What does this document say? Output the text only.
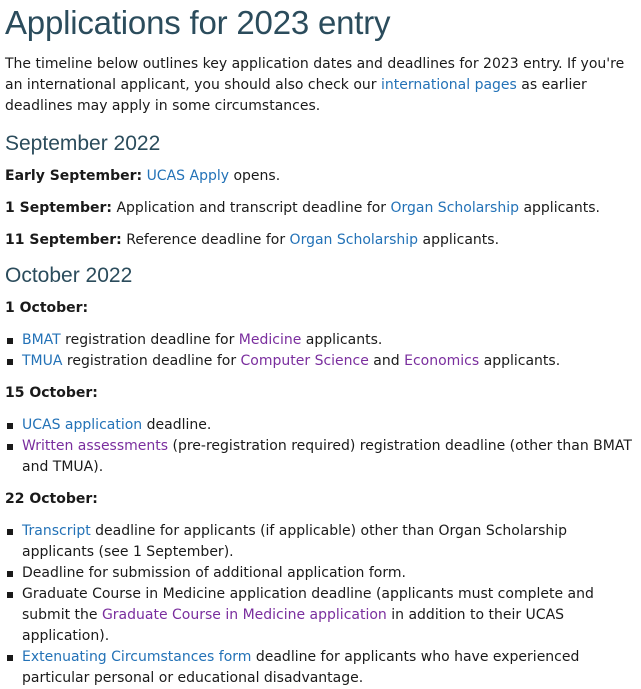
Applications for 2023 entry

The timeline below outlines key application dates and deadlines for 2023 entry. If you're an international applicant, you should also check our international pages as earlier deadlines may apply in some circumstances.

September 2022

Early September: UCAS Apply opens.

1 September: Application and transcript deadline for Organ Scholarship applicants.

11 September: Reference deadline for Organ Scholarship applicants.

October 2022

1 October:

BMAT registration deadline for Medicine applicants.
TMUA registration deadline for Computer Science and Economics applicants.

15 October:

UCAS application deadline.
Written assessments (pre-registration required) registration deadline (other than BMAT and TMUA).

22 October:

Transcript deadline for applicants (if applicable) other than Organ Scholarship applicants (see 1 September).
Deadline for submission of additional application form.
Graduate Course in Medicine application deadline (applicants must complete and submit the Graduate Course in Medicine application in addition to their UCAS application).
Extenuating Circumstances form deadline for applicants who have experienced particular personal or educational disadvantage.
